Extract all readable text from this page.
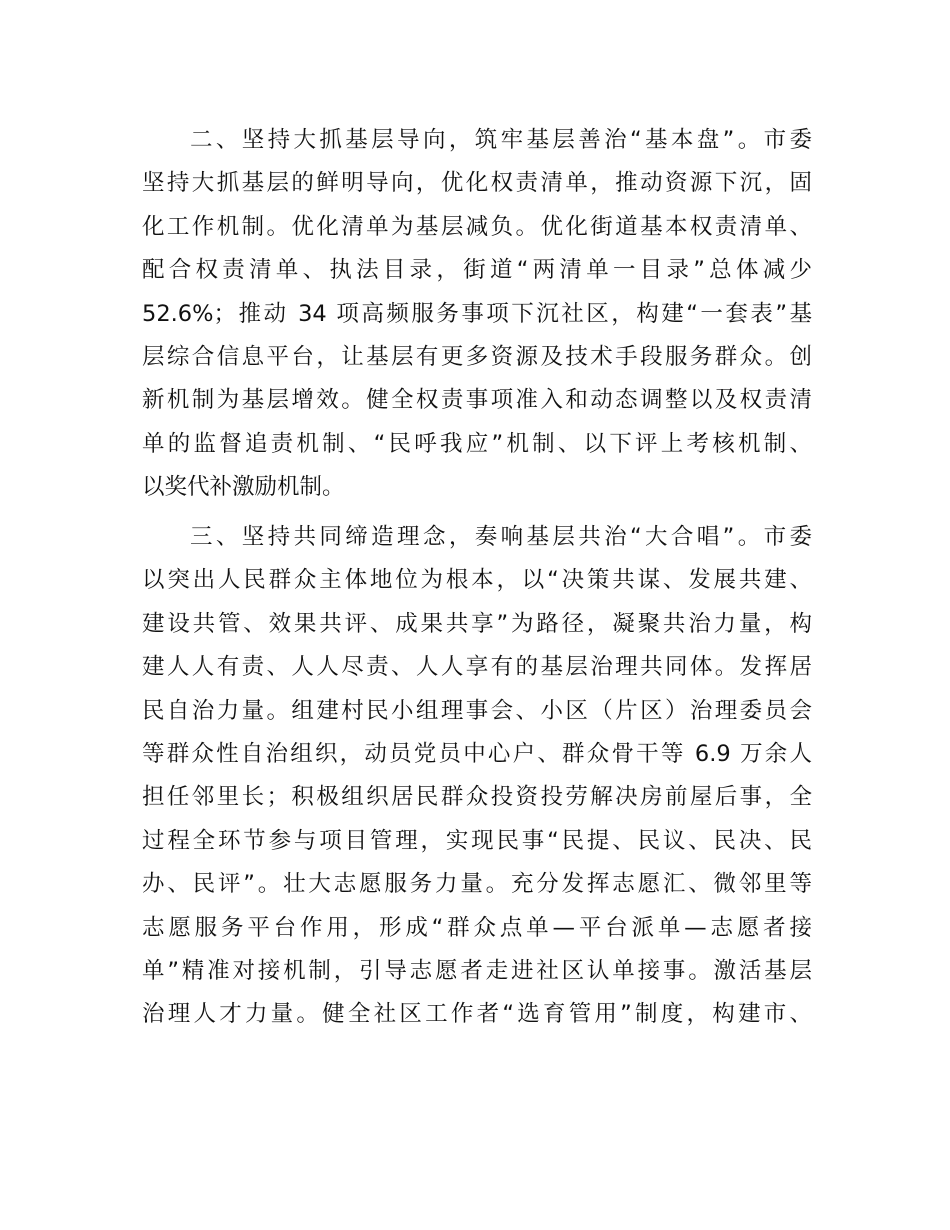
二、坚持大抓基层导向，筑牢基层善治“基本盘”。市委
坚持大抓基层的鲜明导向，优化权责清单，推动资源下沉，固
化工作机制。优化清单为基层减负。优化街道基本权责清单、
配合权责清单、执法目录，街道“两清单一目录”总体减少
52.6%；推动 34 项高频服务事项下沉社区，构建“一套表”基
层综合信息平台，让基层有更多资源及技术手段服务群众。创
新机制为基层增效。健全权责事项准入和动态调整以及权责清
单的监督追责机制、“民呼我应”机制、以下评上考核机制、
以奖代补激励机制。
三、坚持共同缔造理念，奏响基层共治“大合唱”。市委
以突出人民群众主体地位为根本，以“决策共谋、发展共建、
建设共管、效果共评、成果共享”为路径，凝聚共治力量，构
建人人有责、人人尽责、人人享有的基层治理共同体。发挥居
民自治力量。组建村民小组理事会、小区（片区）治理委员会
等群众性自治组织，动员党员中心户、群众骨干等 6.9 万余人
担任邻里长；积极组织居民群众投资投劳解决房前屋后事，全
过程全环节参与项目管理，实现民事“民提、民议、民决、民
办、民评”。壮大志愿服务力量。充分发挥志愿汇、微邻里等
志愿服务平台作用，形成“群众点单—平台派单—志愿者接
单”精准对接机制，引导志愿者走进社区认单接事。激活基层
治理人才力量。健全社区工作者“选育管用”制度，构建市、
